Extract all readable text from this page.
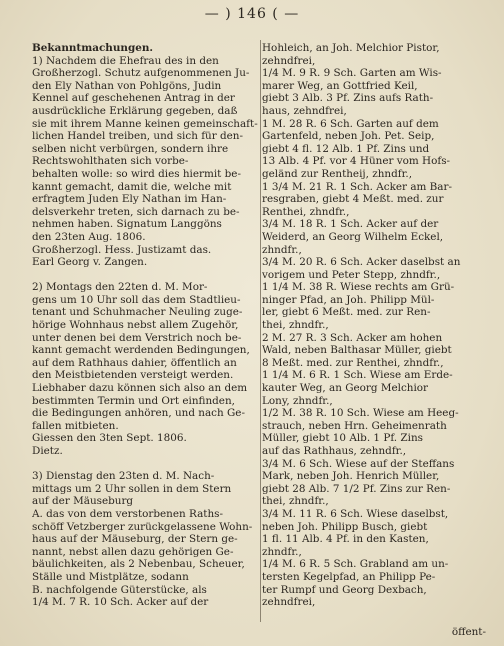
— ) 146 ( —
Bekanntmachungen.
1) Nachdem die Ehefrau des in den
Großherzogl. Schutz aufgenommenen Ju-
den Ely Nathan von Pohlgöns, Judin
Kennel auf geschehenen Antrag in der
ausdrückliche Erklärung gegeben, daß
sie mit ihrem Manne keinen gemeinschaft-
lichen Handel treiben, und sich für den-
selben nicht verbürgen, sondern ihre
Rechtswohlthaten sich vorbe-
behalten wolle: so wird dies hiermit be-
kannt gemacht, damit die, welche mit
erfragtem Juden Ely Nathan im Han-
delsverkehr treten, sich darnach zu be-
nehmen haben. Signatum Langgöns
den 23ten Aug. 1806.
Großherzogl. Hess. Justizamt das.
Earl Georg v. Zangen.
2) Montags den 22ten d. M. Mor-
gens um 10 Uhr soll das dem Stadtlieu-
tenant und Schuhmacher Neuling zuge-
hörige Wohnhaus nebst allem Zugehör,
unter denen bei dem Verstrich noch be-
kannt gemacht werdenden Bedingungen,
auf dem Rathhaus dahier, öffentlich an
den Meistbietenden versteigt werden.
Liebhaber dazu können sich also an dem
bestimmten Termin und Ort einfinden,
die Bedingungen anhören, und nach Ge-
fallen mitbieten.
Giessen den 3ten Sept. 1806.
Dietz.
3) Dienstag den 23ten d. M. Nach-
mittags um 2 Uhr sollen in dem Stern
auf der Mäuseburg
A. das von dem verstorbenen Raths-
schöff Vetzberger zurückgelassene Wohn-
haus auf der Mäuseburg, der Stern ge-
nannt, nebst allen dazu gehörigen Ge-
bäulichkeiten, als 2 Nebenbau, Scheuer,
Ställe und Mistplätze, sodann
B. nachfolgende Güterstücke, als
1/4 M. 7 R. 10 Sch. Acker auf der
Hohleich, an Joh. Melchior Pistor,
zehndfrei,
1/4 M. 9 R. 9 Sch. Garten am Wis-
marer Weg, an Gottfried Keil,
giebt 3 Alb. 3 Pf. Zins aufs Rath-
haus, zehndfrei,
1 M. 28 R. 6 Sch. Garten auf dem
Gartenfeld, neben Joh. Pet. Seip,
giebt 4 fl. 12 Alb. 1 Pf. Zins und
13 Alb. 4 Pf. vor 4 Hüner vom Hofs-
geländ zur Rentheij, zhndfr.,
1 3/4 M. 21 R. 1 Sch. Acker am Bar-
resgraben, giebt 4 Meßt. med. zur
Renthei, zhndfr.,
3/4 M. 18 R. 1 Sch. Acker auf der
Weiderd, an Georg Wilhelm Eckel,
zhndfr.,
3/4 M. 20 R. 6 Sch. Acker daselbst an
vorigem und Peter Stepp, zhndfr.,
1 1/4 M. 38 R. Wiese rechts am Grü-
ninger Pfad, an Joh. Philipp Mül-
ler, giebt 6 Meßt. med. zur Ren-
thei, zhndfr.,
2 M. 27 R. 3 Sch. Acker am hohen
Wald, neben Balthasar Müller, giebt
8 Meßt. med. zur Renthei, zhndfr.,
1 1/4 M. 6 R. 1 Sch. Wiese am Erde-
kauter Weg, an Georg Melchior
Lony, zhndfr.,
1/2 M. 38 R. 10 Sch. Wiese am Heeg-
strauch, neben Hrn. Geheimenrath
Müller, giebt 10 Alb. 1 Pf. Zins
auf das Rathhaus, zehndfr.,
3/4 M. 6 Sch. Wiese auf der Steffans
Mark, neben Joh. Henrich Müller,
giebt 28 Alb. 7 1/2 Pf. Zins zur Ren-
thei, zhndfr.,
3/4 M. 11 R. 6 Sch. Wiese daselbst,
neben Joh. Philipp Busch, giebt
1 fl. 11 Alb. 4 Pf. in den Kasten,
zhndfr.,
1/4 M. 6 R. 5 Sch. Grabland am un-
tersten Kegelpfad, an Philipp Pe-
ter Rumpf und Georg Dexbach,
zehndfrei,
öffent-
